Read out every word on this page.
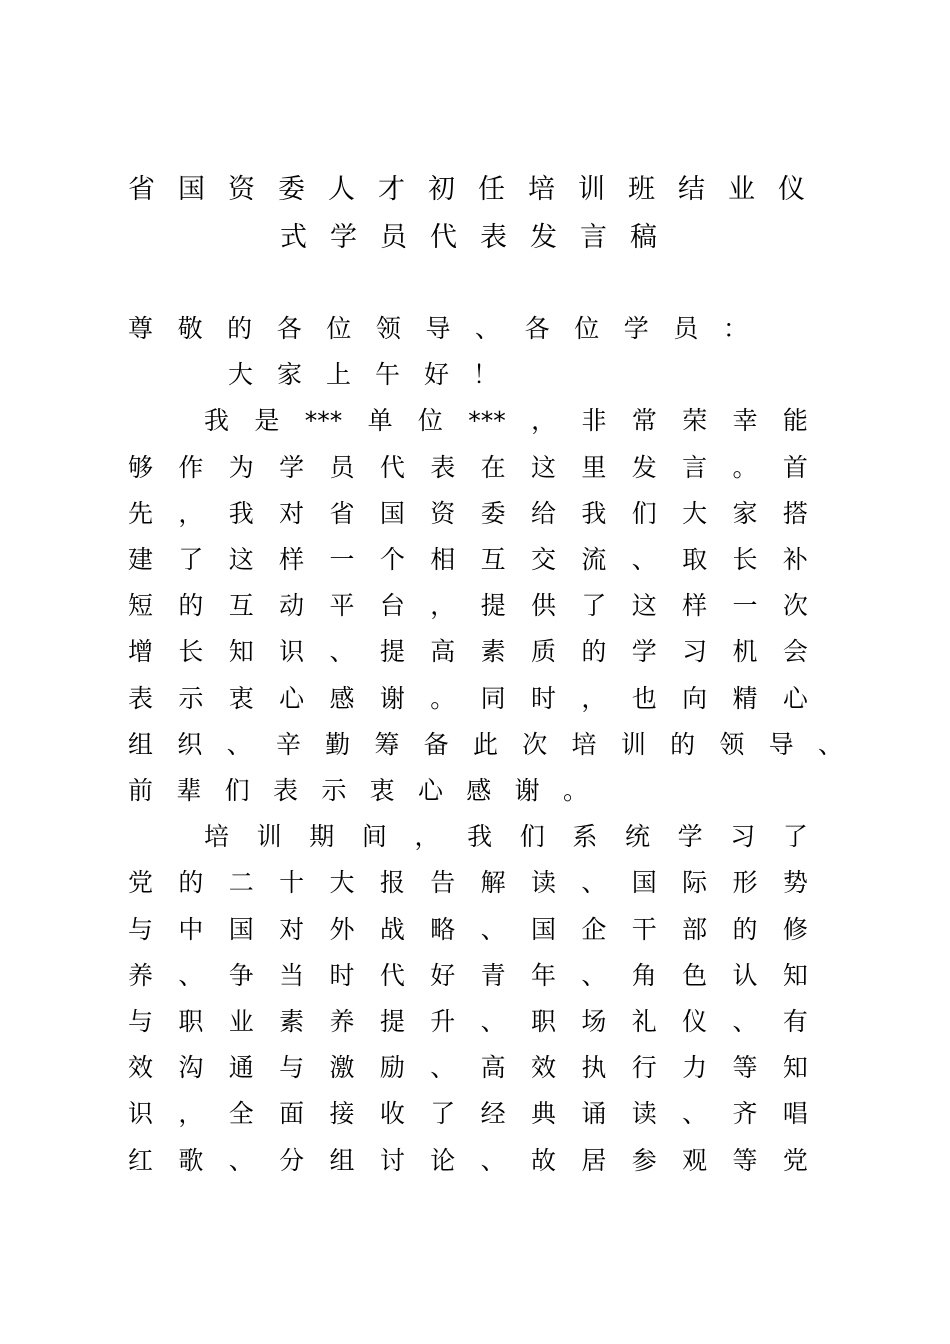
省国资委人才初任培训班结业仪
式学员代表发言稿
尊 敬 的 各 位 领 导 、 各 位 学 员 ：
大 家 上 午 好 ！
我 是 *** 单 位 *** ， 非 常 荣 幸 能
够 作 为 学 员 代 表 在 这 里 发 言 。 首
先 ， 我 对 省 国 资 委 给 我 们 大 家 搭
建 了 这 样 一 个 相 互 交 流 、 取 长 补
短 的 互 动 平 台 ， 提 供 了 这 样 一 次
增 长 知 识 、 提 高 素 质 的 学 习 机 会
表 示 衷 心 感 谢 。 同 时 ， 也 向 精 心
组 织 、 辛 勤 筹 备 此 次 培 训 的 领 导 、
前 辈 们 表 示 衷 心 感 谢 。
培 训 期 间 ， 我 们 系 统 学 习 了
党 的 二 十 大 报 告 解 读 、 国 际 形 势
与 中 国 对 外 战 略 、 国 企 干 部 的 修
养 、 争 当 时 代 好 青 年 、 角 色 认 知
与 职 业 素 养 提 升 、 职 场 礼 仪 、 有
效 沟 通 与 激 励 、 高 效 执 行 力 等 知
识 ， 全 面 接 收 了 经 典 诵 读 、 齐 唱
红 歌 、 分 组 讨 论 、 故 居 参 观 等 党
